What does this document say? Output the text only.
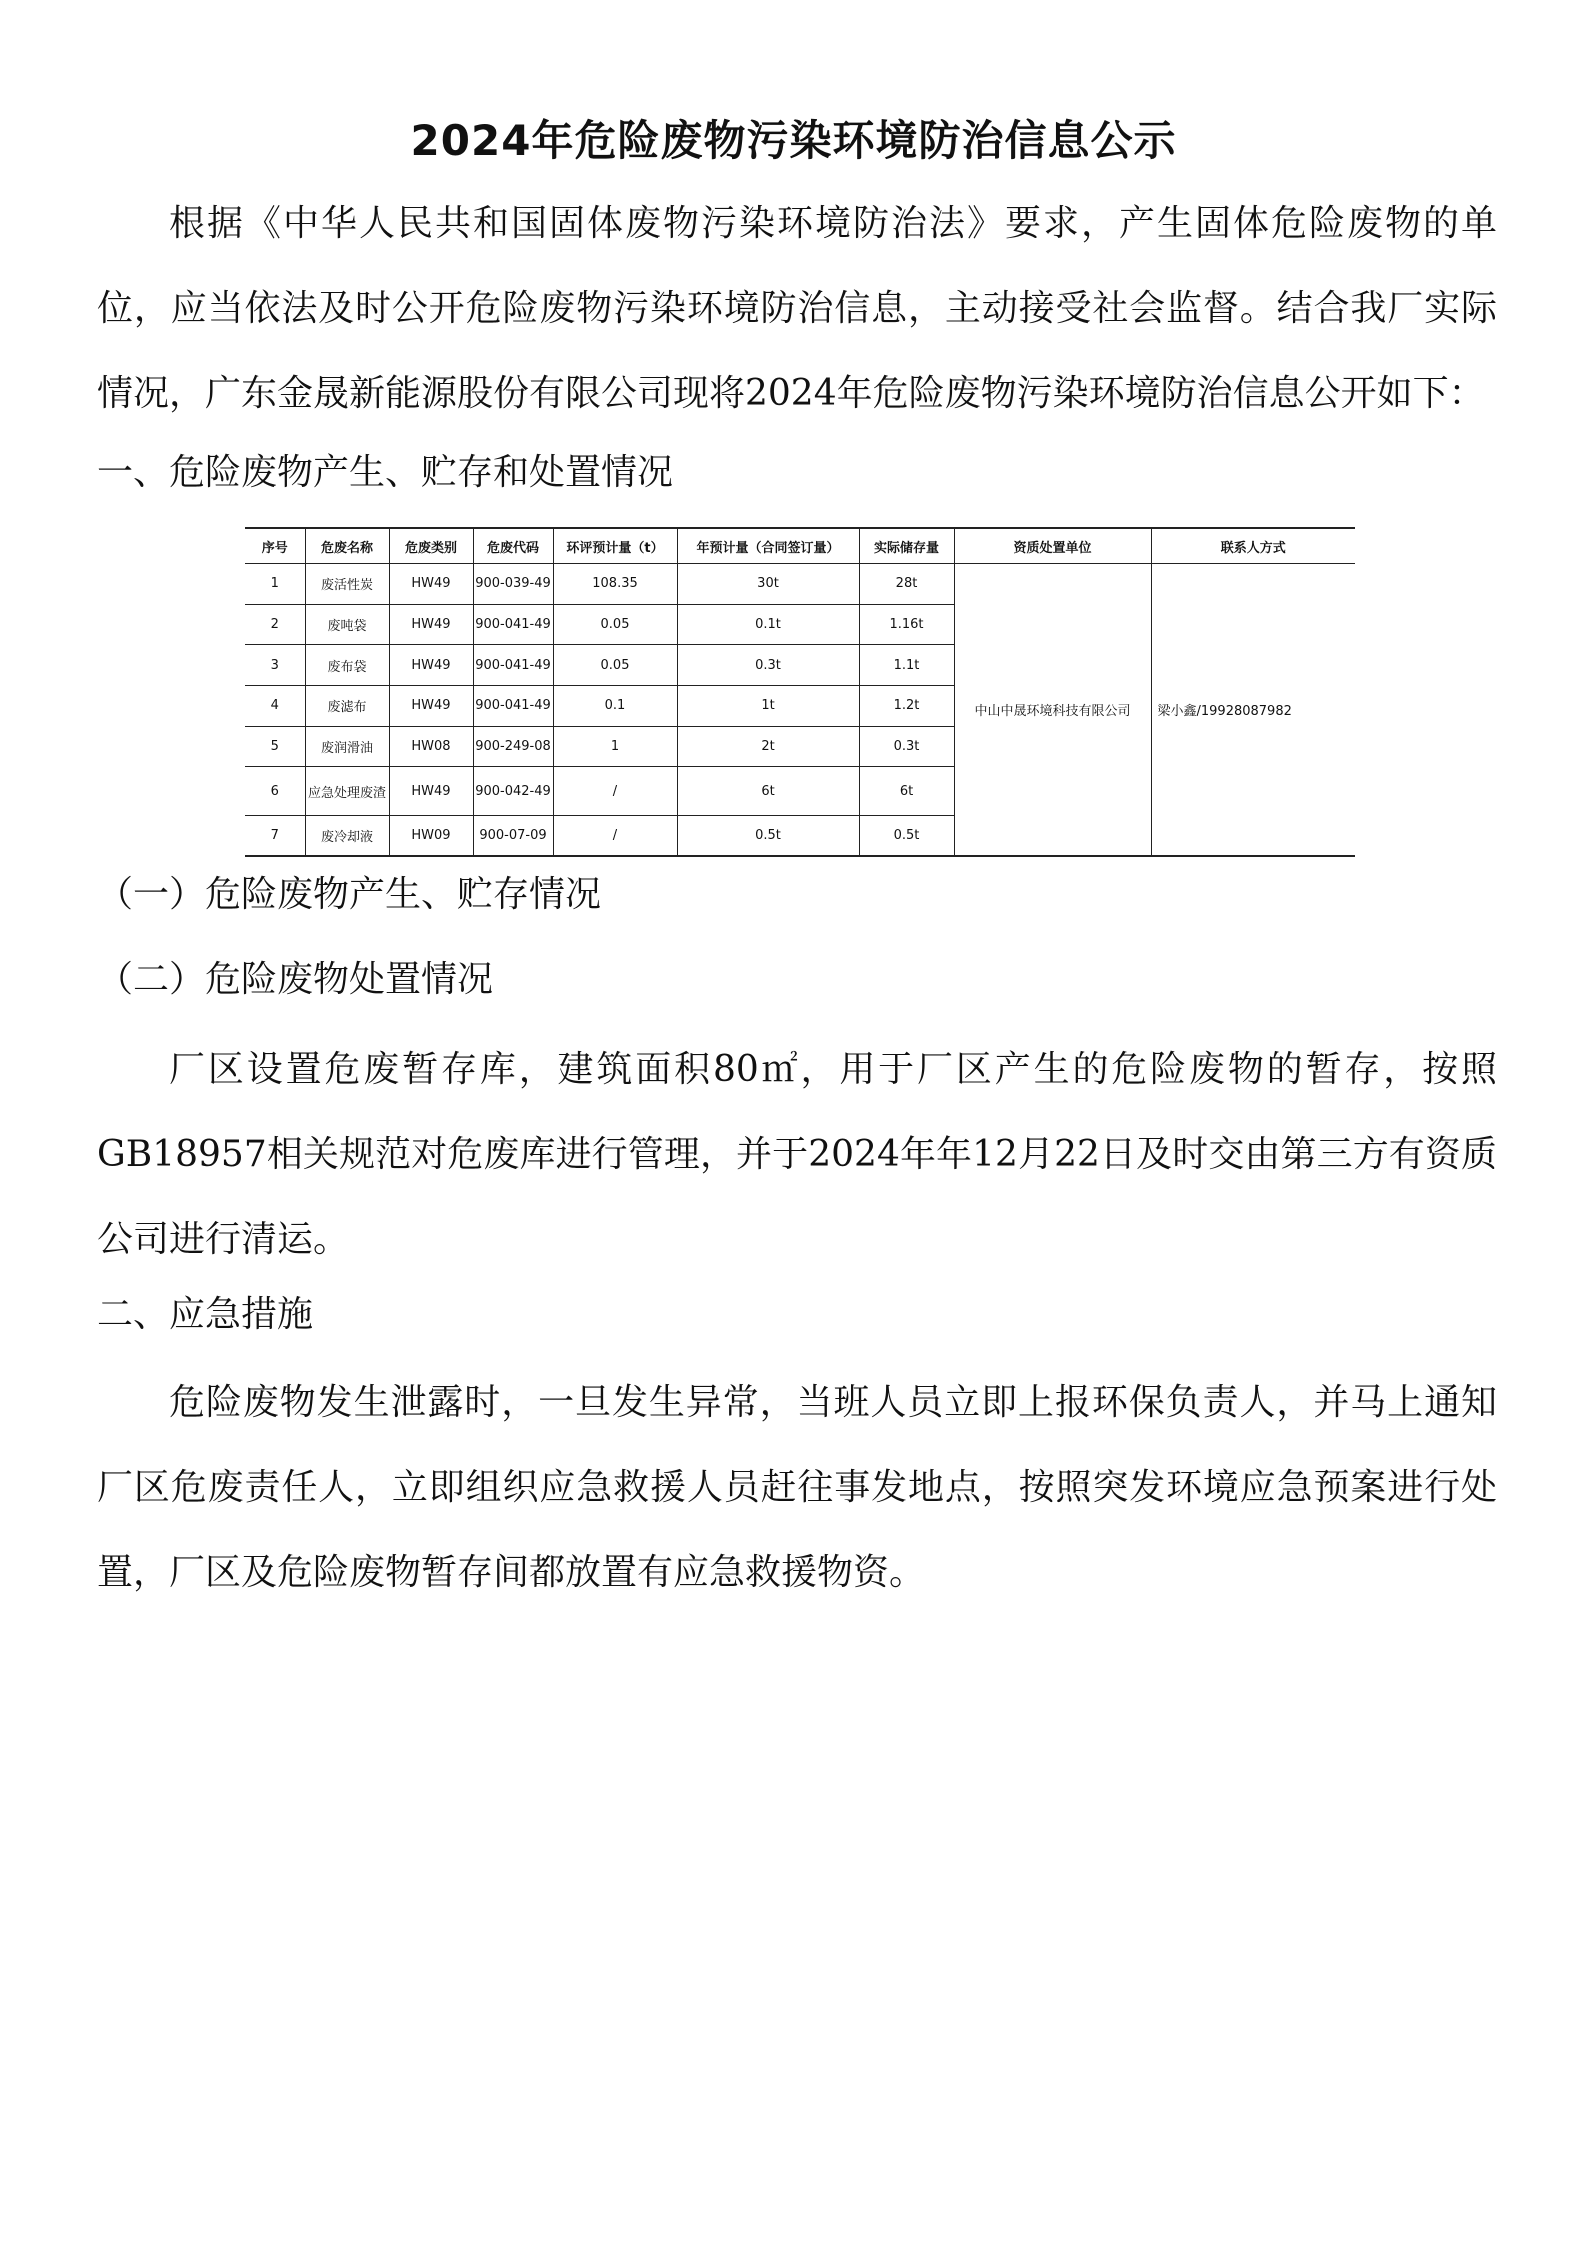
2024年危险废物污染环境防治信息公示
根据《中华人民共和国固体废物污染环境防治法》要求，产生固体危险废物的单位，应当依法及时公开危险废物污染环境防治信息，主动接受社会监督。结合我厂实际情况，广东金晟新能源股份有限公司现将2024年危险废物污染环境防治信息公开如下：
一、危险废物产生、贮存和处置情况
序号	危废名称	危废类别	危废代码	环评预计量（t）	年预计量（合同签订量）	实际储存量	资质处置单位	联系人方式
1	废活性炭	HW49	900-039-49	108.35	30t	28t	中山中晟环境科技有限公司	梁小鑫/19928087982
2	废吨袋	HW49	900-041-49	0.05	0.1t	1.16t		
3	废布袋	HW49	900-041-49	0.05	0.3t	1.1t		
4	废滤布	HW49	900-041-49	0.1	1t	1.2t		
5	废润滑油	HW08	900-249-08	1	2t	0.3t		
6	应急处理废渣	HW49	900-042-49	/	6t	6t		
7	废冷却液	HW09	900-07-09	/	0.5t	0.5t		
（一）危险废物产生、贮存情况
（二）危险废物处置情况
厂区设置危废暂存库，建筑面积80㎡，用于厂区产生的危险废物的暂存，按照GB18957相关规范对危废库进行管理，并于2024年年12月22日及时交由第三方有资质公司进行清运。
二、应急措施
危险废物发生泄露时，一旦发生异常，当班人员立即上报环保负责人，并马上通知厂区危废责任人，立即组织应急救援人员赶往事发地点，按照突发环境应急预案进行处置，厂区及危险废物暂存间都放置有应急救援物资。
